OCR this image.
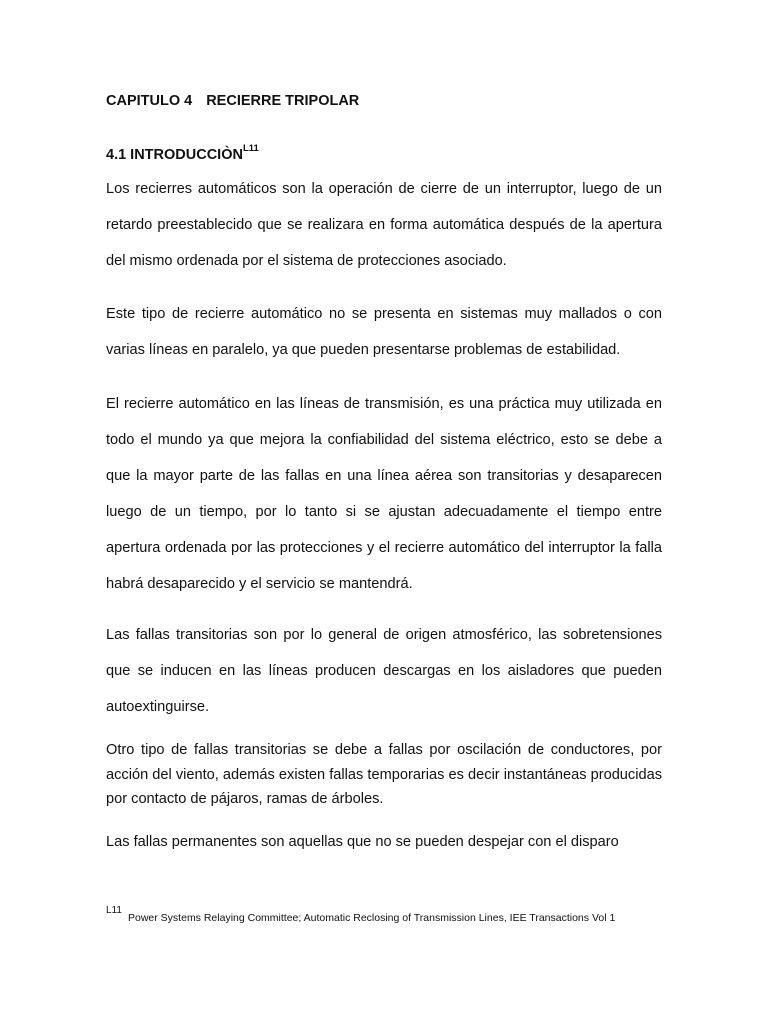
CAPITULO 4 RECIERRE TRIPOLAR
4.1 $INTRODUCCIÒN^{L11}$

Los recierres automáticos son la operación de cierre de un interruptor, luego de un retardo preestablecido que se realizara en forma automática después de la apertura del mismo ordenada por el sistema de protecciones asociado.

Este tipo de recierre automático no se presenta en sistemas muy mallados o con varias líneas en paralelo, ya que pueden presentarse problemas de estabilidad.

El recierre automático en las líneas de transmisión, es una práctica muy utilizada en todo el mundo ya que mejora la confiabilidad del sistema eléctrico, esto se debe a que la mayor parte de las fallas en una línea aérea son transitorias y desaparecen luego de un tiempo, por lo tanto si se ajustan adecuadamente el tiempo entre apertura ordenada por las protecciones y el recierre automático del interruptor la falla habrá desaparecido y el servicio se mantendrá.

Las fallas transitorias son por lo general de origen atmosférico, las sobretensiones que se inducen en las líneas producen descargas en los aisladores que pueden autoextinguirse.

Otro tipo de fallas transitorias se debe a fallas por oscilación de conductores, por acción del viento, además existen fallas temporarias es decir instantáneas producidas por contacto de pájaros, ramas de árboles.

Las fallas permanentes son aquellas que no se pueden despejar con el disparo
L11
Power Systems Relaying Committee; Automatic Reclosing of Transmission Lines, IEE Transactions Vol 1
